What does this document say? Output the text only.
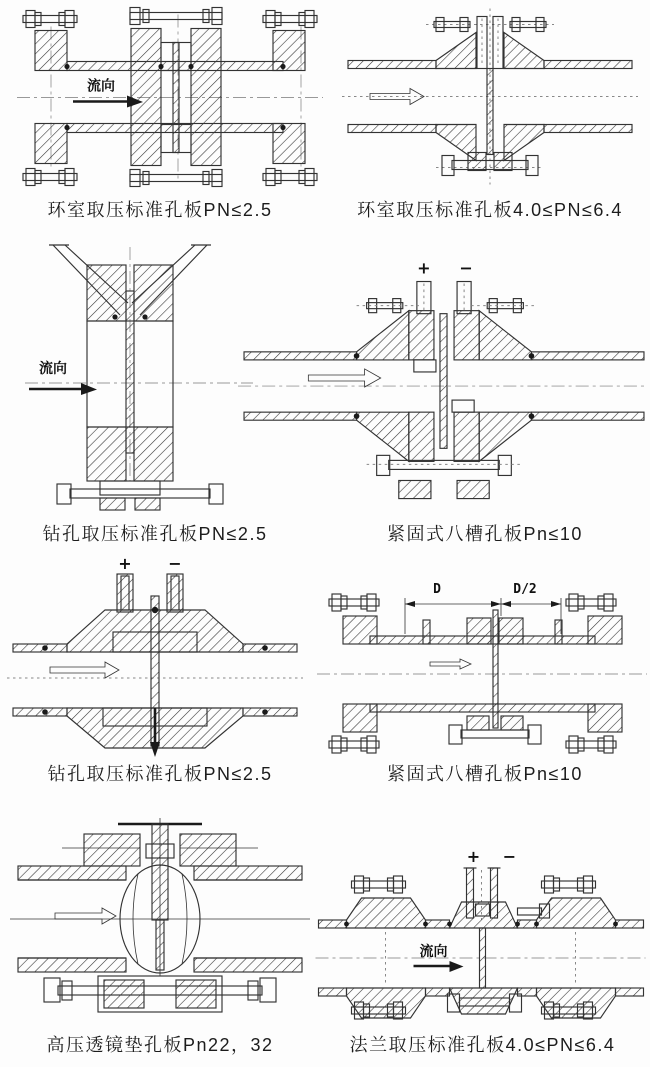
流向
环室取压标准孔板PN≤2.5	环室取压标准孔板4.0≤PN≤6.4
流向
钻孔取压标准孔板PN≤2.5
+ −
紧固式八槽孔板Pn≤10
+ −
钻孔取压标准孔板PN≤2.5
D	D/2
紧固式八槽孔板Pn≤10
高压透镜垫孔板Pn22，32
+ −
流向
法兰取压标准孔板4.0≤PN≤6.4
